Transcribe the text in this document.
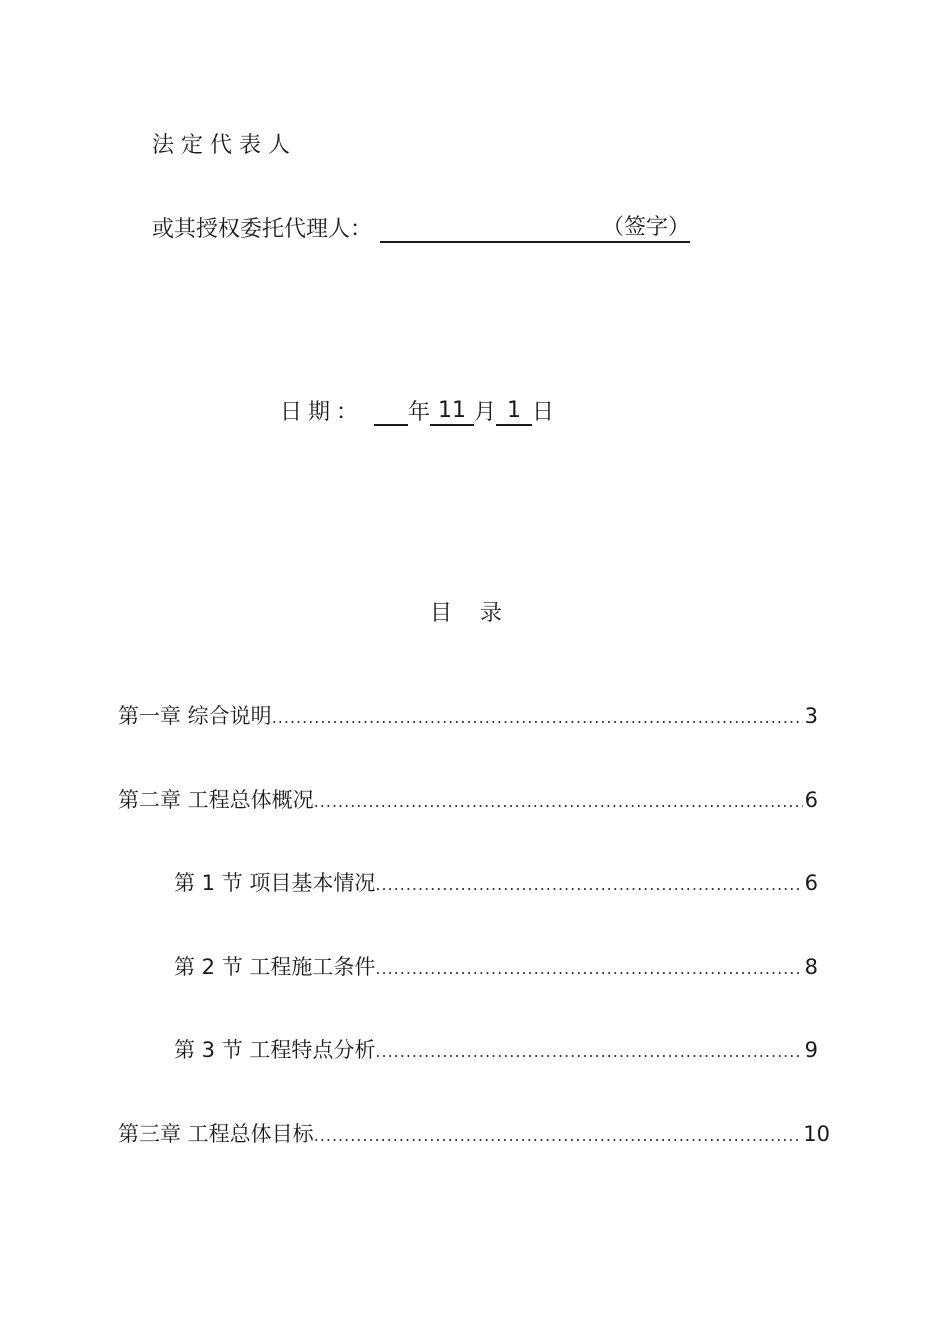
法定代表人
或其授权委托代理人：	（签字）
日期： 年 11 月 1 日
目录
第一章 综合说明 .....	3
第二章 工程总体概况 .....	6
第 1 节 项目基本情况 .....	6
第 2 节 工程施工条件 .....	8
第 3 节 工程特点分析 .....	9
第三章 工程总体目标 .....	10
